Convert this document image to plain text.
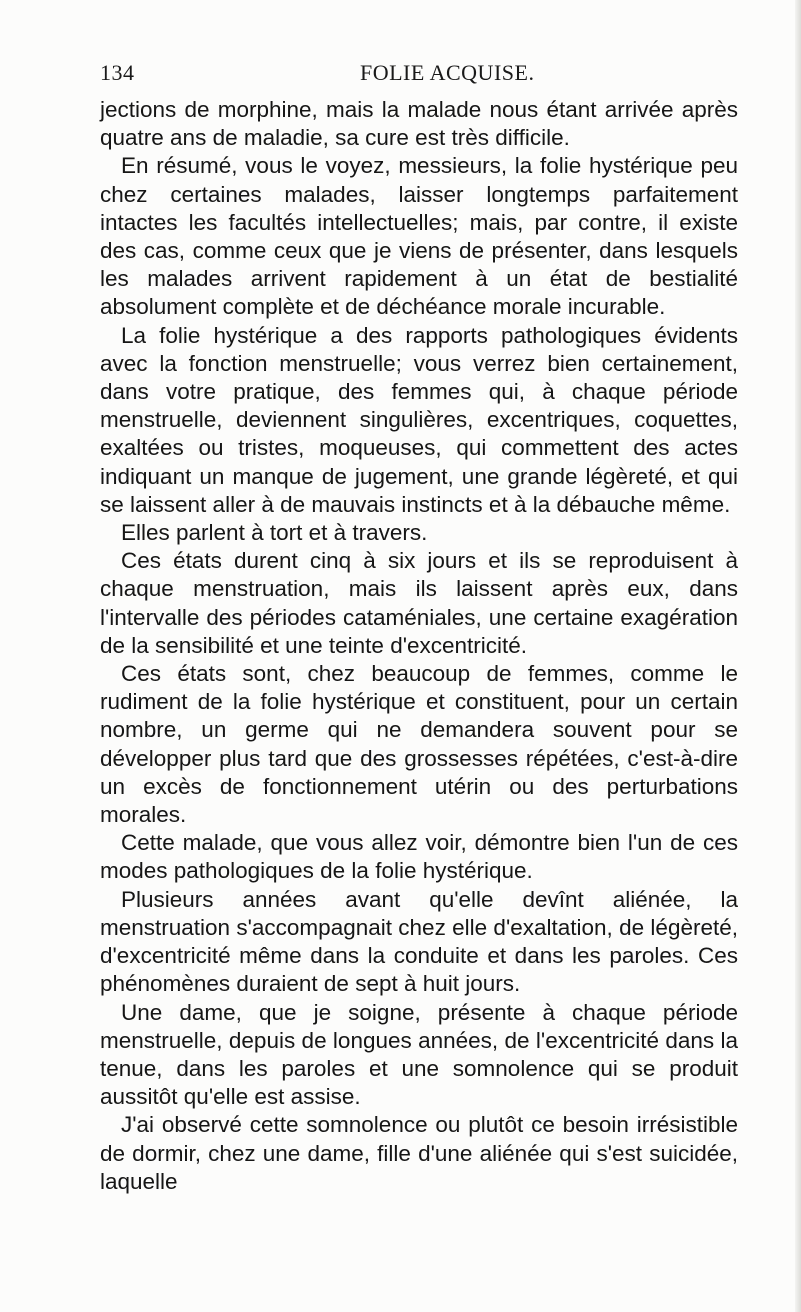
134	FOLIE ACQUISE.

jections de morphine, mais la malade nous étant arrivée après quatre ans de maladie, sa cure est très difficile.

En résumé, vous le voyez, messieurs, la folie hystérique peu chez certaines malades, laisser longtemps parfaitement intactes les facultés intellectuelles; mais, par contre, il existe des cas, comme ceux que je viens de présenter, dans lesquels les malades arrivent rapidement à un état de bestialité absolument complète et de déchéance morale incurable.

La folie hystérique a des rapports pathologiques évidents avec la fonction menstruelle; vous verrez bien certainement, dans votre pratique, des femmes qui, à chaque période menstruelle, deviennent singulières, excentriques, coquettes, exaltées ou tristes, moqueuses, qui commettent des actes indiquant un manque de jugement, une grande légèreté, et qui se laissent aller à de mauvais instincts et à la débauche même.

Elles parlent à tort et à travers.

Ces états durent cinq à six jours et ils se reproduisent à chaque menstruation, mais ils laissent après eux, dans l'intervalle des périodes cataméniales, une certaine exagération de la sensibilité et une teinte d'excentricité.

Ces états sont, chez beaucoup de femmes, comme le rudiment de la folie hystérique et constituent, pour un certain nombre, un germe qui ne demandera souvent pour se développer plus tard que des grossesses répétées, c'est-à-dire un excès de fonctionnement utérin ou des perturbations morales.

Cette malade, que vous allez voir, démontre bien l'un de ces modes pathologiques de la folie hystérique.

Plusieurs années avant qu'elle devînt aliénée, la menstruation s'accompagnait chez elle d'exaltation, de légèreté, d'excentricité même dans la conduite et dans les paroles. Ces phénomènes duraient de sept à huit jours.

Une dame, que je soigne, présente à chaque période menstruelle, depuis de longues années, de l'excentricité dans la tenue, dans les paroles et une somnolence qui se produit aussitôt qu'elle est assise.

J'ai observé cette somnolence ou plutôt ce besoin irrésistible de dormir, chez une dame, fille d'une aliénée qui s'est suicidée, laquelle
